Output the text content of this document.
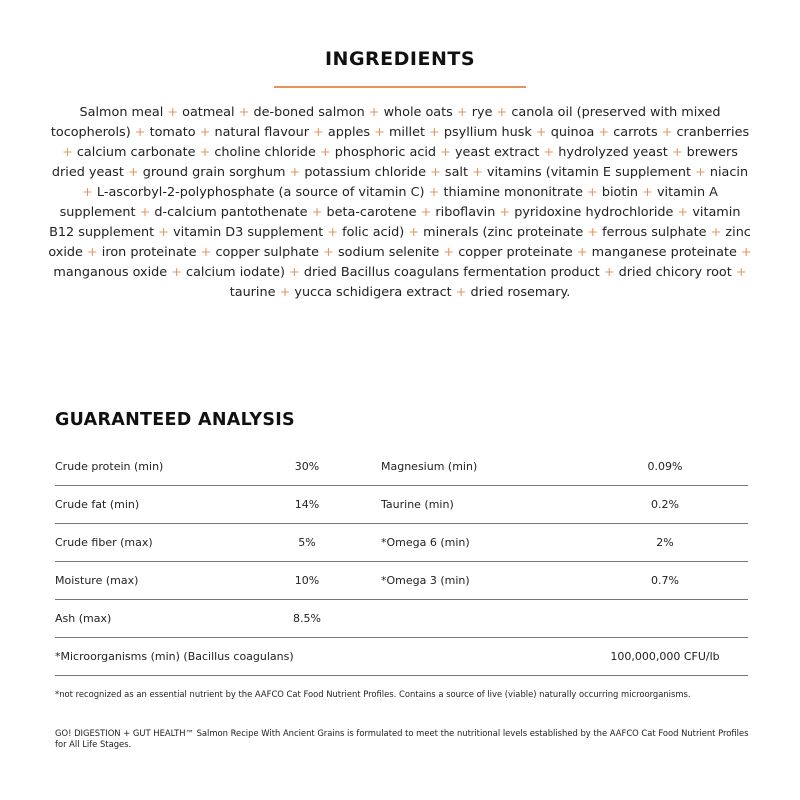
INGREDIENTS
Salmon meal + oatmeal + de-boned salmon + whole oats + rye + canola oil (preserved with mixed tocopherols) + tomato + natural flavour + apples + millet + psyllium husk + quinoa + carrots + cranberries + calcium carbonate + choline chloride + phosphoric acid + yeast extract + hydrolyzed yeast + brewers dried yeast + ground grain sorghum + potassium chloride + salt + vitamins (vitamin E supplement + niacin + L-ascorbyl-2-polyphosphate (a source of vitamin C) + thiamine mononitrate + biotin + vitamin A supplement + d-calcium pantothenate + beta-carotene + riboflavin + pyridoxine hydrochloride + vitamin B12 supplement + vitamin D3 supplement + folic acid) + minerals (zinc proteinate + ferrous sulphate + zinc oxide + iron proteinate + copper sulphate + sodium selenite + copper proteinate + manganese proteinate + manganous oxide + calcium iodate) + dried Bacillus coagulans fermentation product + dried chicory root + taurine + yucca schidigera extract + dried rosemary.
GUARANTEED ANALYSIS
Crude protein (min)	30%	Magnesium (min)	0.09%
Crude fat (min)	14%	Taurine (min)	0.2%
Crude fiber (max)	5%	*Omega 6 (min)	2%
Moisture (max)	10%	*Omega 3 (min)	0.7%
Ash (max)	8.5%
*Microorganisms (min) (Bacillus coagulans)	100,000,000 CFU/lb
*not recognized as an essential nutrient by the AAFCO Cat Food Nutrient Profiles. Contains a source of live (viable) naturally occurring microorganisms.
GO! DIGESTION + GUT HEALTH™ Salmon Recipe With Ancient Grains is formulated to meet the nutritional levels established by the AAFCO Cat Food Nutrient Profiles for All Life Stages.
